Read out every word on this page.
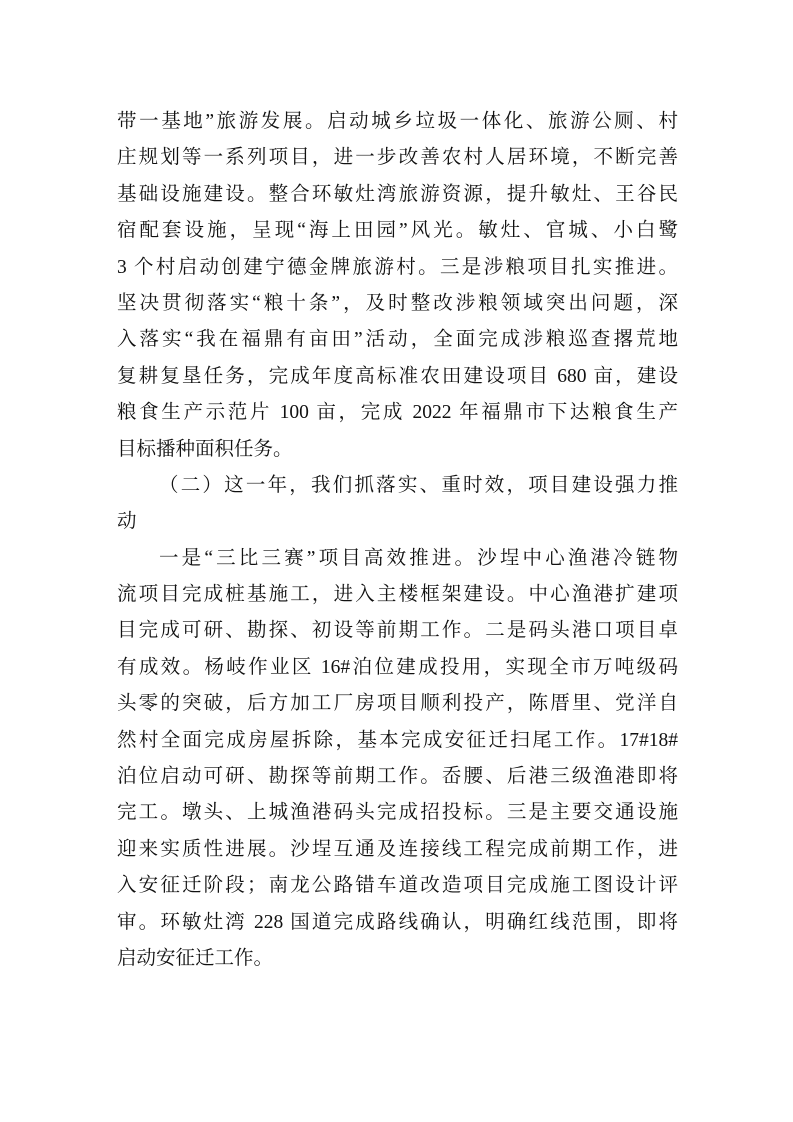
带一基地”旅游发展。启动城乡垃圾一体化、旅游公厕、村
庄规划等一系列项目，进一步改善农村人居环境，不断完善
基础设施建设。整合环敏灶湾旅游资源，提升敏灶、王谷民
宿配套设施，呈现“海上田园”风光。敏灶、官城、小白鹭
3 个村启动创建宁德金牌旅游村。三是涉粮项目扎实推进。
坚决贯彻落实“粮十条”，及时整改涉粮领域突出问题，深
入落实“我在福鼎有亩田”活动，全面完成涉粮巡查撂荒地
复耕复垦任务，完成年度高标准农田建设项目 680 亩，建设
粮食生产示范片 100 亩，完成 2022 年福鼎市下达粮食生产
目标播种面积任务。
（二）这一年，我们抓落实、重时效，项目建设强力推
动
一是“三比三赛”项目高效推进。沙埕中心渔港冷链物
流项目完成桩基施工，进入主楼框架建设。中心渔港扩建项
目完成可研、勘探、初设等前期工作。二是码头港口项目卓
有成效。杨岐作业区 16#泊位建成投用，实现全市万吨级码
头零的突破，后方加工厂房项目顺利投产，陈厝里、党洋自
然村全面完成房屋拆除，基本完成安征迁扫尾工作。17#18#
泊位启动可研、勘探等前期工作。岙腰、后港三级渔港即将
完工。墩头、上城渔港码头完成招投标。三是主要交通设施
迎来实质性进展。沙埕互通及连接线工程完成前期工作，进
入安征迁阶段；南龙公路错车道改造项目完成施工图设计评
审。环敏灶湾 228 国道完成路线确认，明确红线范围，即将
启动安征迁工作。
